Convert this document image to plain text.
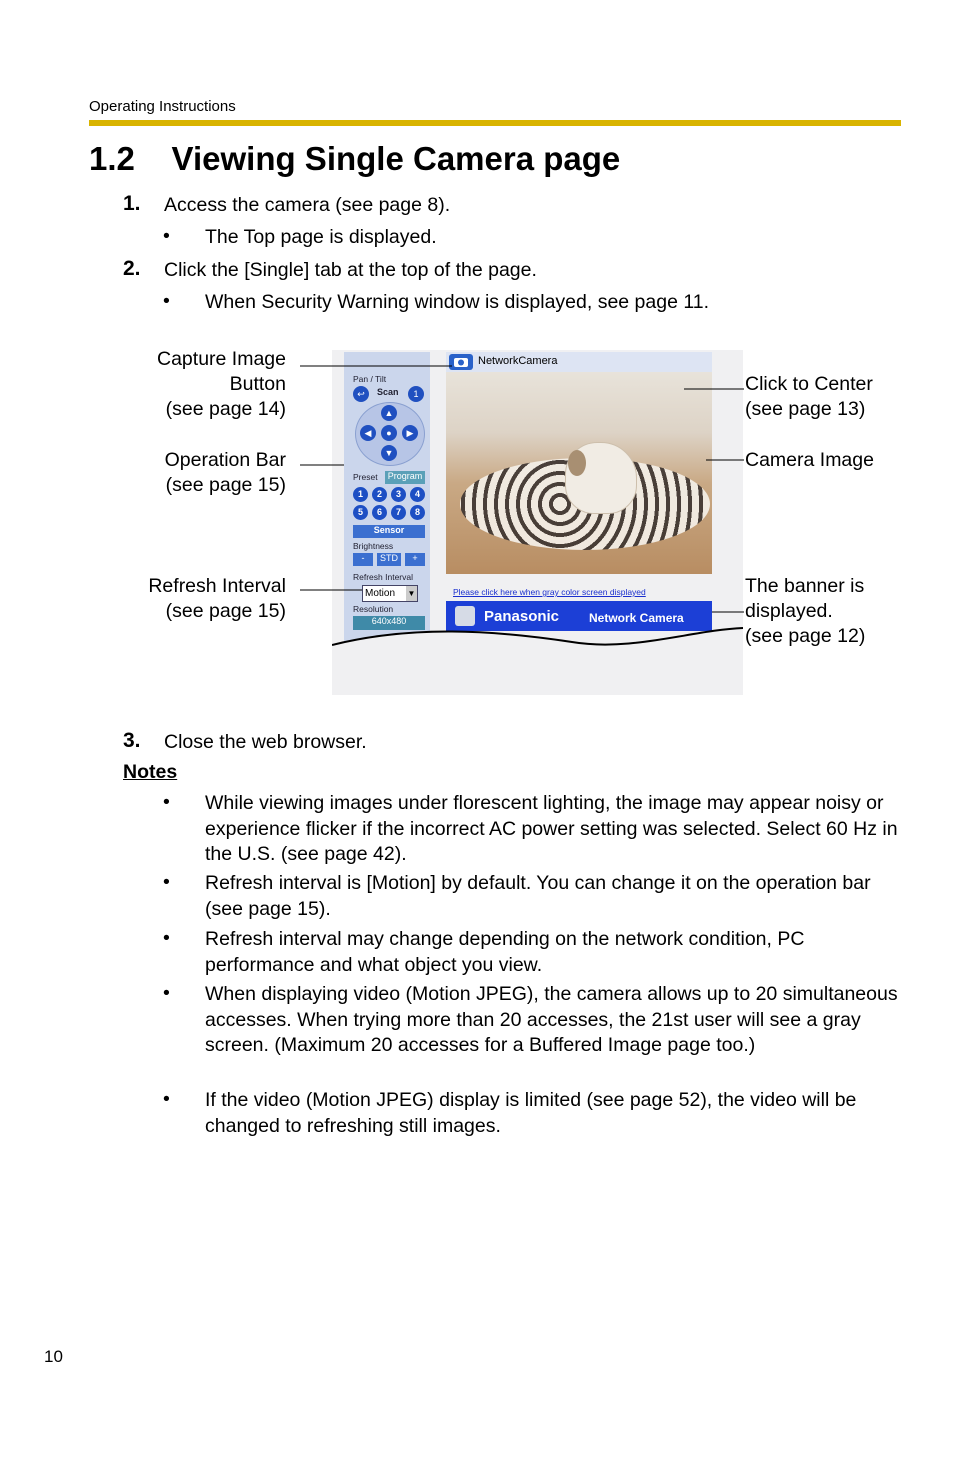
Operating Instructions
1.2    Viewing Single Camera page
1. Access the camera (see page 8).
• The Top page is displayed.
2. Click the [Single] tab at the top of the page.
• When Security Warning window is displayed, see page 11.
NetworkCamera
Pan / Tilt
↩	Scan	1
▲
▼
◀	▶
●
Preset	Program
1	2	3	4
5	6	7	8
Sensor
Brightness
-	STD	+
Refresh Interval
Motion ▼
Resolution
640x480
Please click here when gray color screen displayed
Panasonic Network Camera
Capture Image
Button
(see page 14)
Operation Bar
(see page 15)
Refresh Interval
(see page 15)
Click to Center
(see page 13)
Camera Image
The banner is
displayed.
(see page 12)
3. Close the web browser.
Notes
• While viewing images under florescent lighting, the image may appear noisy or experience flicker if the incorrect AC power setting was selected. Select 60 Hz in the U.S. (see page 42).
• Refresh interval is [Motion] by default. You can change it on the operation bar (see page 15).
• Refresh interval may change depending on the network condition, PC performance and what object you view.
• When displaying video (Motion JPEG), the camera allows up to 20 simultaneous accesses. When trying more than 20 accesses, the 21st user will see a gray screen. (Maximum 20 accesses for a Buffered Image page too.)
• If the video (Motion JPEG) display is limited (see page 52), the video will be changed to refreshing still images.
10
